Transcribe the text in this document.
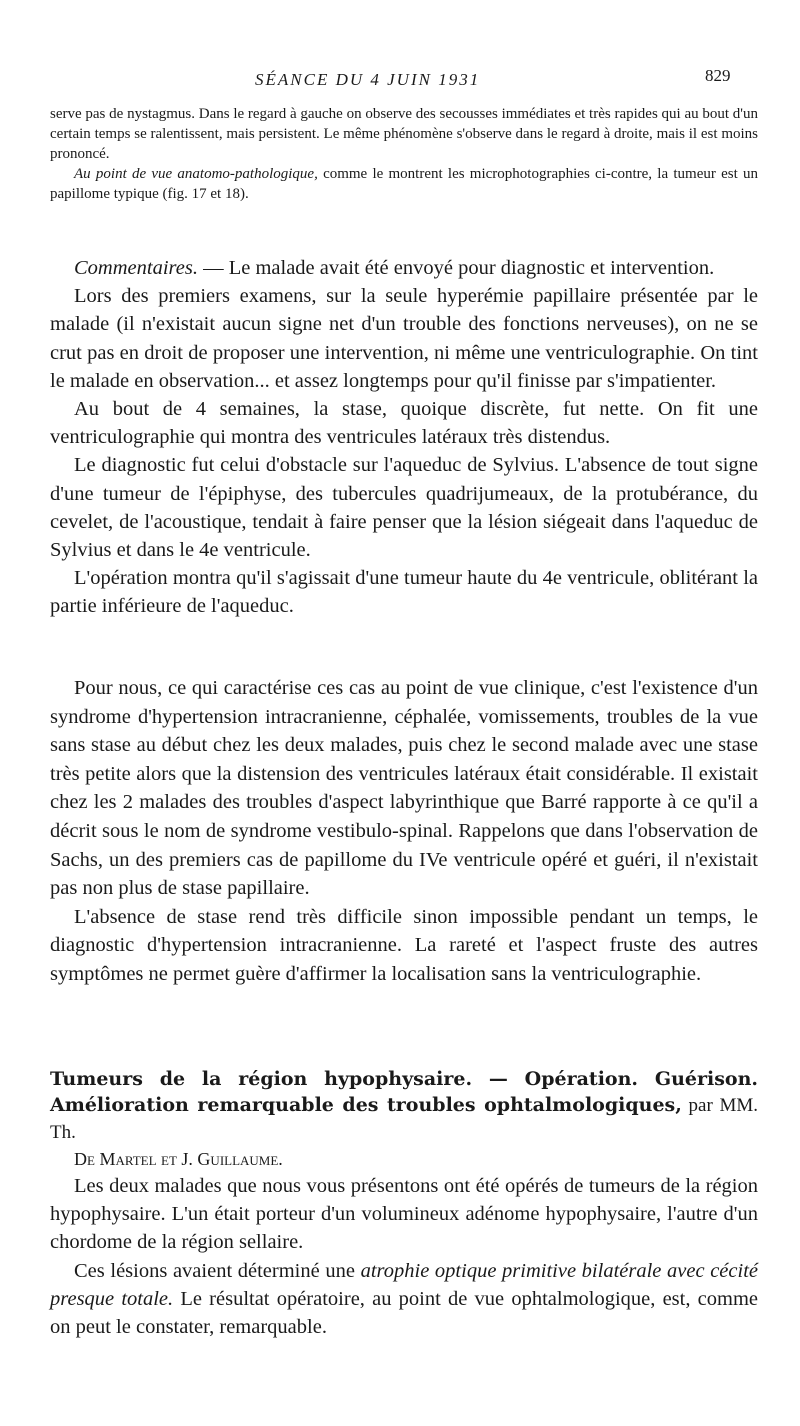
SÉANCE DU 4 JUIN 1931	829

serve pas de nystagmus. Dans le regard à gauche on observe des secousses immédiates et très rapides qui au bout d'un certain temps se ralentissent, mais persistent. Le même phénomène s'observe dans le regard à droite, mais il est moins prononcé.

Au point de vue anatomo-pathologique, comme le montrent les microphotographies ci-contre, la tumeur est un papillome typique (fig. 17 et 18).

Commentaires. — Le malade avait été envoyé pour diagnostic et intervention.

Lors des premiers examens, sur la seule hyperémie papillaire présentée par le malade (il n'existait aucun signe net d'un trouble des fonctions nerveuses), on ne se crut pas en droit de proposer une intervention, ni même une ventriculographie. On tint le malade en observation... et assez longtemps pour qu'il finisse par s'impatienter.

Au bout de 4 semaines, la stase, quoique discrète, fut nette. On fit une ventriculographie qui montra des ventricules latéraux très distendus.

Le diagnostic fut celui d'obstacle sur l'aqueduc de Sylvius. L'absence de tout signe d'une tumeur de l'épiphyse, des tubercules quadrijumeaux, de la protubérance, du cevelet, de l'acoustique, tendait à faire penser que la lésion siégeait dans l'aqueduc de Sylvius et dans le 4e ventricule.

L'opération montra qu'il s'agissait d'une tumeur haute du 4e ventricule, oblitérant la partie inférieure de l'aqueduc.

Pour nous, ce qui caractérise ces cas au point de vue clinique, c'est l'existence d'un syndrome d'hypertension intracranienne, céphalée, vomissements, troubles de la vue sans stase au début chez les deux malades, puis chez le second malade avec une stase très petite alors que la distension des ventricules latéraux était considérable. Il existait chez les 2 malades des troubles d'aspect labyrinthique que Barré rapporte à ce qu'il a décrit sous le nom de syndrome vestibulo-spinal. Rappelons que dans l'observation de Sachs, un des premiers cas de papillome du IVe ventricule opéré et guéri, il n'existait pas non plus de stase papillaire.

L'absence de stase rend très difficile sinon impossible pendant un temps, le diagnostic d'hypertension intracranienne. La rareté et l'aspect fruste des autres symptômes ne permet guère d'affirmer la localisation sans la ventriculographie.

Tumeurs de la région hypophysaire. — Opération. Guérison. Amélioration remarquable des troubles ophtalmologiques, par MM. Th.

De Martel et J. Guillaume.

Les deux malades que nous vous présentons ont été opérés de tumeurs de la région hypophysaire. L'un était porteur d'un volumineux adénome hypophysaire, l'autre d'un chordome de la région sellaire.

Ces lésions avaient déterminé une atrophie optique primitive bilatérale avec cécité presque totale. Le résultat opératoire, au point de vue ophtalmologique, est, comme on peut le constater, remarquable.
